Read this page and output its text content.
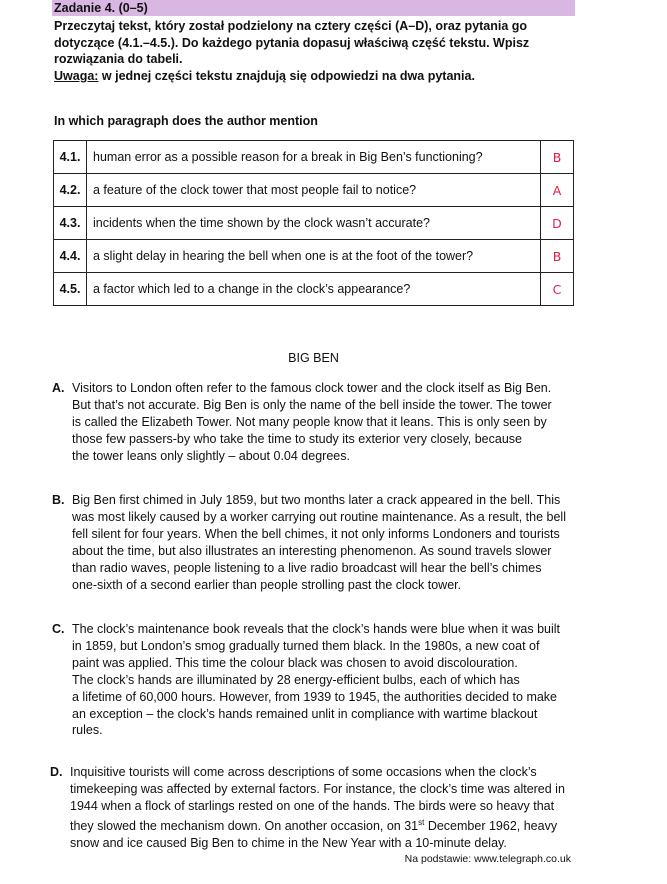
Zadanie 4. (0–5)
Przeczytaj tekst, który został podzielony na cztery części (A–D), oraz pytania go dotyczące (4.1.–4.5.). Do każdego pytania dopasuj właściwą część tekstu. Wpisz rozwiązania do tabeli.
Uwaga: w jednej części tekstu znajdują się odpowiedzi na dwa pytania.
In which paragraph does the author mention
4.1.	human error as a possible reason for a break in Big Ben’s functioning?	B
4.2.	a feature of the clock tower that most people fail to notice?	A
4.3.	incidents when the time shown by the clock wasn’t accurate?	D
4.4.	a slight delay in hearing the bell when one is at the foot of the tower?	B
4.5.	a factor which led to a change in the clock’s appearance?	C
BIG BEN
A. Visitors to London often refer to the famous clock tower and the clock itself as Big Ben.
But that’s not accurate. Big Ben is only the name of the bell inside the tower. The tower
is called the Elizabeth Tower. Not many people know that it leans. This is only seen by
those few passers-by who take the time to study its exterior very closely, because
the tower leans only slightly – about 0.04 degrees.
B. Big Ben first chimed in July 1859, but two months later a crack appeared in the bell. This
was most likely caused by a worker carrying out routine maintenance. As a result, the bell
fell silent for four years. When the bell chimes, it not only informs Londoners and tourists
about the time, but also illustrates an interesting phenomenon. As sound travels slower
than radio waves, people listening to a live radio broadcast will hear the bell’s chimes
one-sixth of a second earlier than people strolling past the clock tower.
C. The clock’s maintenance book reveals that the clock’s hands were blue when it was built
in 1859, but London’s smog gradually turned them black. In the 1980s, a new coat of
paint was applied. This time the colour black was chosen to avoid discolouration.
The clock’s hands are illuminated by 28 energy-efficient bulbs, each of which has
a lifetime of 60,000 hours. However, from 1939 to 1945, the authorities decided to make
an exception – the clock’s hands remained unlit in compliance with wartime blackout
rules.
D. Inquisitive tourists will come across descriptions of some occasions when the clock’s
timekeeping was affected by external factors. For instance, the clock’s time was altered in
1944 when a flock of starlings rested on one of the hands. The birds were so heavy that
they slowed the mechanism down. On another occasion, on 31st December 1962, heavy
snow and ice caused Big Ben to chime in the New Year with a 10-minute delay.
Na podstawie: www.telegraph.co.uk
